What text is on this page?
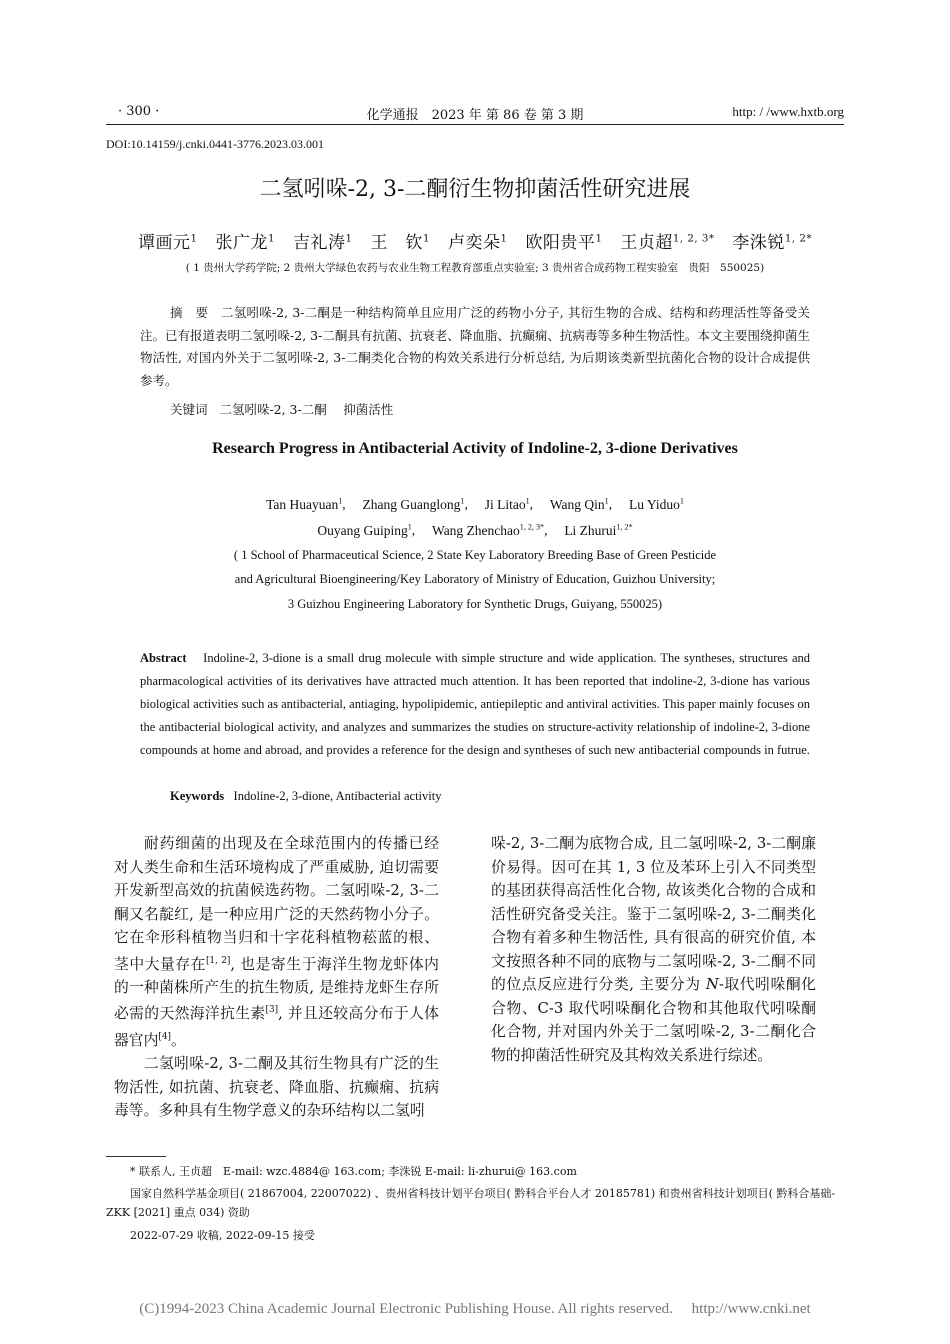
· 300 ·	化学通报　2023 年 第 86 卷 第 3 期	http: / /www.hxtb.org
DOI:10.14159/j.cnki.0441-3776.2023.03.001
二氢吲哚-2, 3-二酮衍生物抑菌活性研究进展
谭画元$^1$ 张广龙$^1$ 吉礼涛$^1$ 王　钦$^1$ 卢奕朵$^1$ 欧阳贵平$^1$ 王贞超$^{1, 2, 3*}$ 李洙锐$^{1, 2*}$
( 1 贵州大学药学院; 2 贵州大学绿色农药与农业生物工程教育部重点实验室; 3 贵州省合成药物工程实验室　贵阳　550025)
摘　要 二氢吲哚-2, 3-二酮是一种结构简单且应用广泛的药物小分子, 其衍生物的合成、结构和药理活性等备受关注。已有报道表明二氢吲哚-2, 3-二酮具有抗菌、抗衰老、降血脂、抗癫痫、抗病毒等多种生物活性。本文主要围绕抑菌生物活性, 对国内外关于二氢吲哚-2, 3-二酮类化合物的构效关系进行分析总结, 为后期该类新型抗菌化合物的设计合成提供参考。
关键词 二氢吲哚-2, 3-二酮　 抑菌活性
Research Progress in Antibacterial Activity of Indoline-2, 3-dione Derivatives
Tan Huayuan$^1$,     Zhang Guanglong$^1$,     Ji Litao$^1$,     Wang Qin$^1$,     Lu Yiduo$^1$
Ouyang Guiping$^1$,     Wang Zhenchao$^{1, 2, 3*}$,     Li Zhurui$^{1, 2*}$
( 1 School of Pharmaceutical Science, 2 State Key Laboratory Breeding Base of Green Pesticide
and Agricultural Bioengineering/Key Laboratory of Ministry of Education, Guizhou University;
3 Guizhou Engineering Laboratory for Synthetic Drugs, Guiyang, 550025)
Abstract Indoline-2, 3-dione is a small drug molecule with simple structure and wide application. The syntheses, structures and pharmacological activities of its derivatives have attracted much attention. It has been reported that indoline-2, 3-dione has various biological activities such as antibacterial, antiaging, hypolipidemic, antiepileptic and antiviral activities. This paper mainly focuses on the antibacterial biological activity, and analyzes and summarizes the studies on structure-activity relationship of indoline-2, 3-dione compounds at home and abroad, and provides a reference for the design and syntheses of such new antibacterial compounds in futrue.
Keywords Indoline-2, 3-dione, Antibacterial activity

耐药细菌的出现及在全球范围内的传播已经对人类生命和生活环境构成了严重威胁, 迫切需要开发新型高效的抗菌候选药物。二氢吲哚-2, 3-二酮又名靛红, 是一种应用广泛的天然药物小分子。它在伞形科植物当归和十字花科植物菘蓝的根、茎中大量存在[1, 2], 也是寄生于海洋生物龙虾体内的一种菌株所产生的抗生物质, 是维持龙虾生存所必需的天然海洋抗生素[3], 并且还较高分布于人体器官内[4]。

二氢吲哚-2, 3-二酮及其衍生物具有广泛的生物活性, 如抗菌、抗衰老、降血脂、抗癫痫、抗病毒等。多种具有生物学意义的杂环结构以二氢吲

哚-2, 3-二酮为底物合成, 且二氢吲哚-2, 3-二酮廉价易得。因可在其 1, 3 位及苯环上引入不同类型的基团获得高活性化合物, 故该类化合物的合成和活性研究备受关注。鉴于二氢吲哚-2, 3-二酮类化合物有着多种生物活性, 具有很高的研究价值, 本文按照各种不同的底物与二氢吲哚-2, 3-二酮不同的位点反应进行分类, 主要分为 N-取代吲哚酮化合物、C-3 取代吲哚酮化合物和其他取代吲哚酮化合物, 并对国内外关于二氢吲哚-2, 3-二酮化合物的抑菌活性研究及其构效关系进行综述。

* 联系人, 王贞超　E-mail: wzc.4884@ 163.com; 李洙锐 E-mail: li-zhurui@ 163.com
国家自然科学基金项目( 21867004, 22007022) 、贵州省科技计划平台项目( 黔科合平台人才 20185781) 和贵州省科技计划项目( 黔科合基础-ZKK [2021] 重点 034) 资助
2022-07-29 收稿, 2022-09-15 接受
(C)1994-2023 China Academic Journal Electronic Publishing House. All rights reserved.　 http://www.cnki.net
